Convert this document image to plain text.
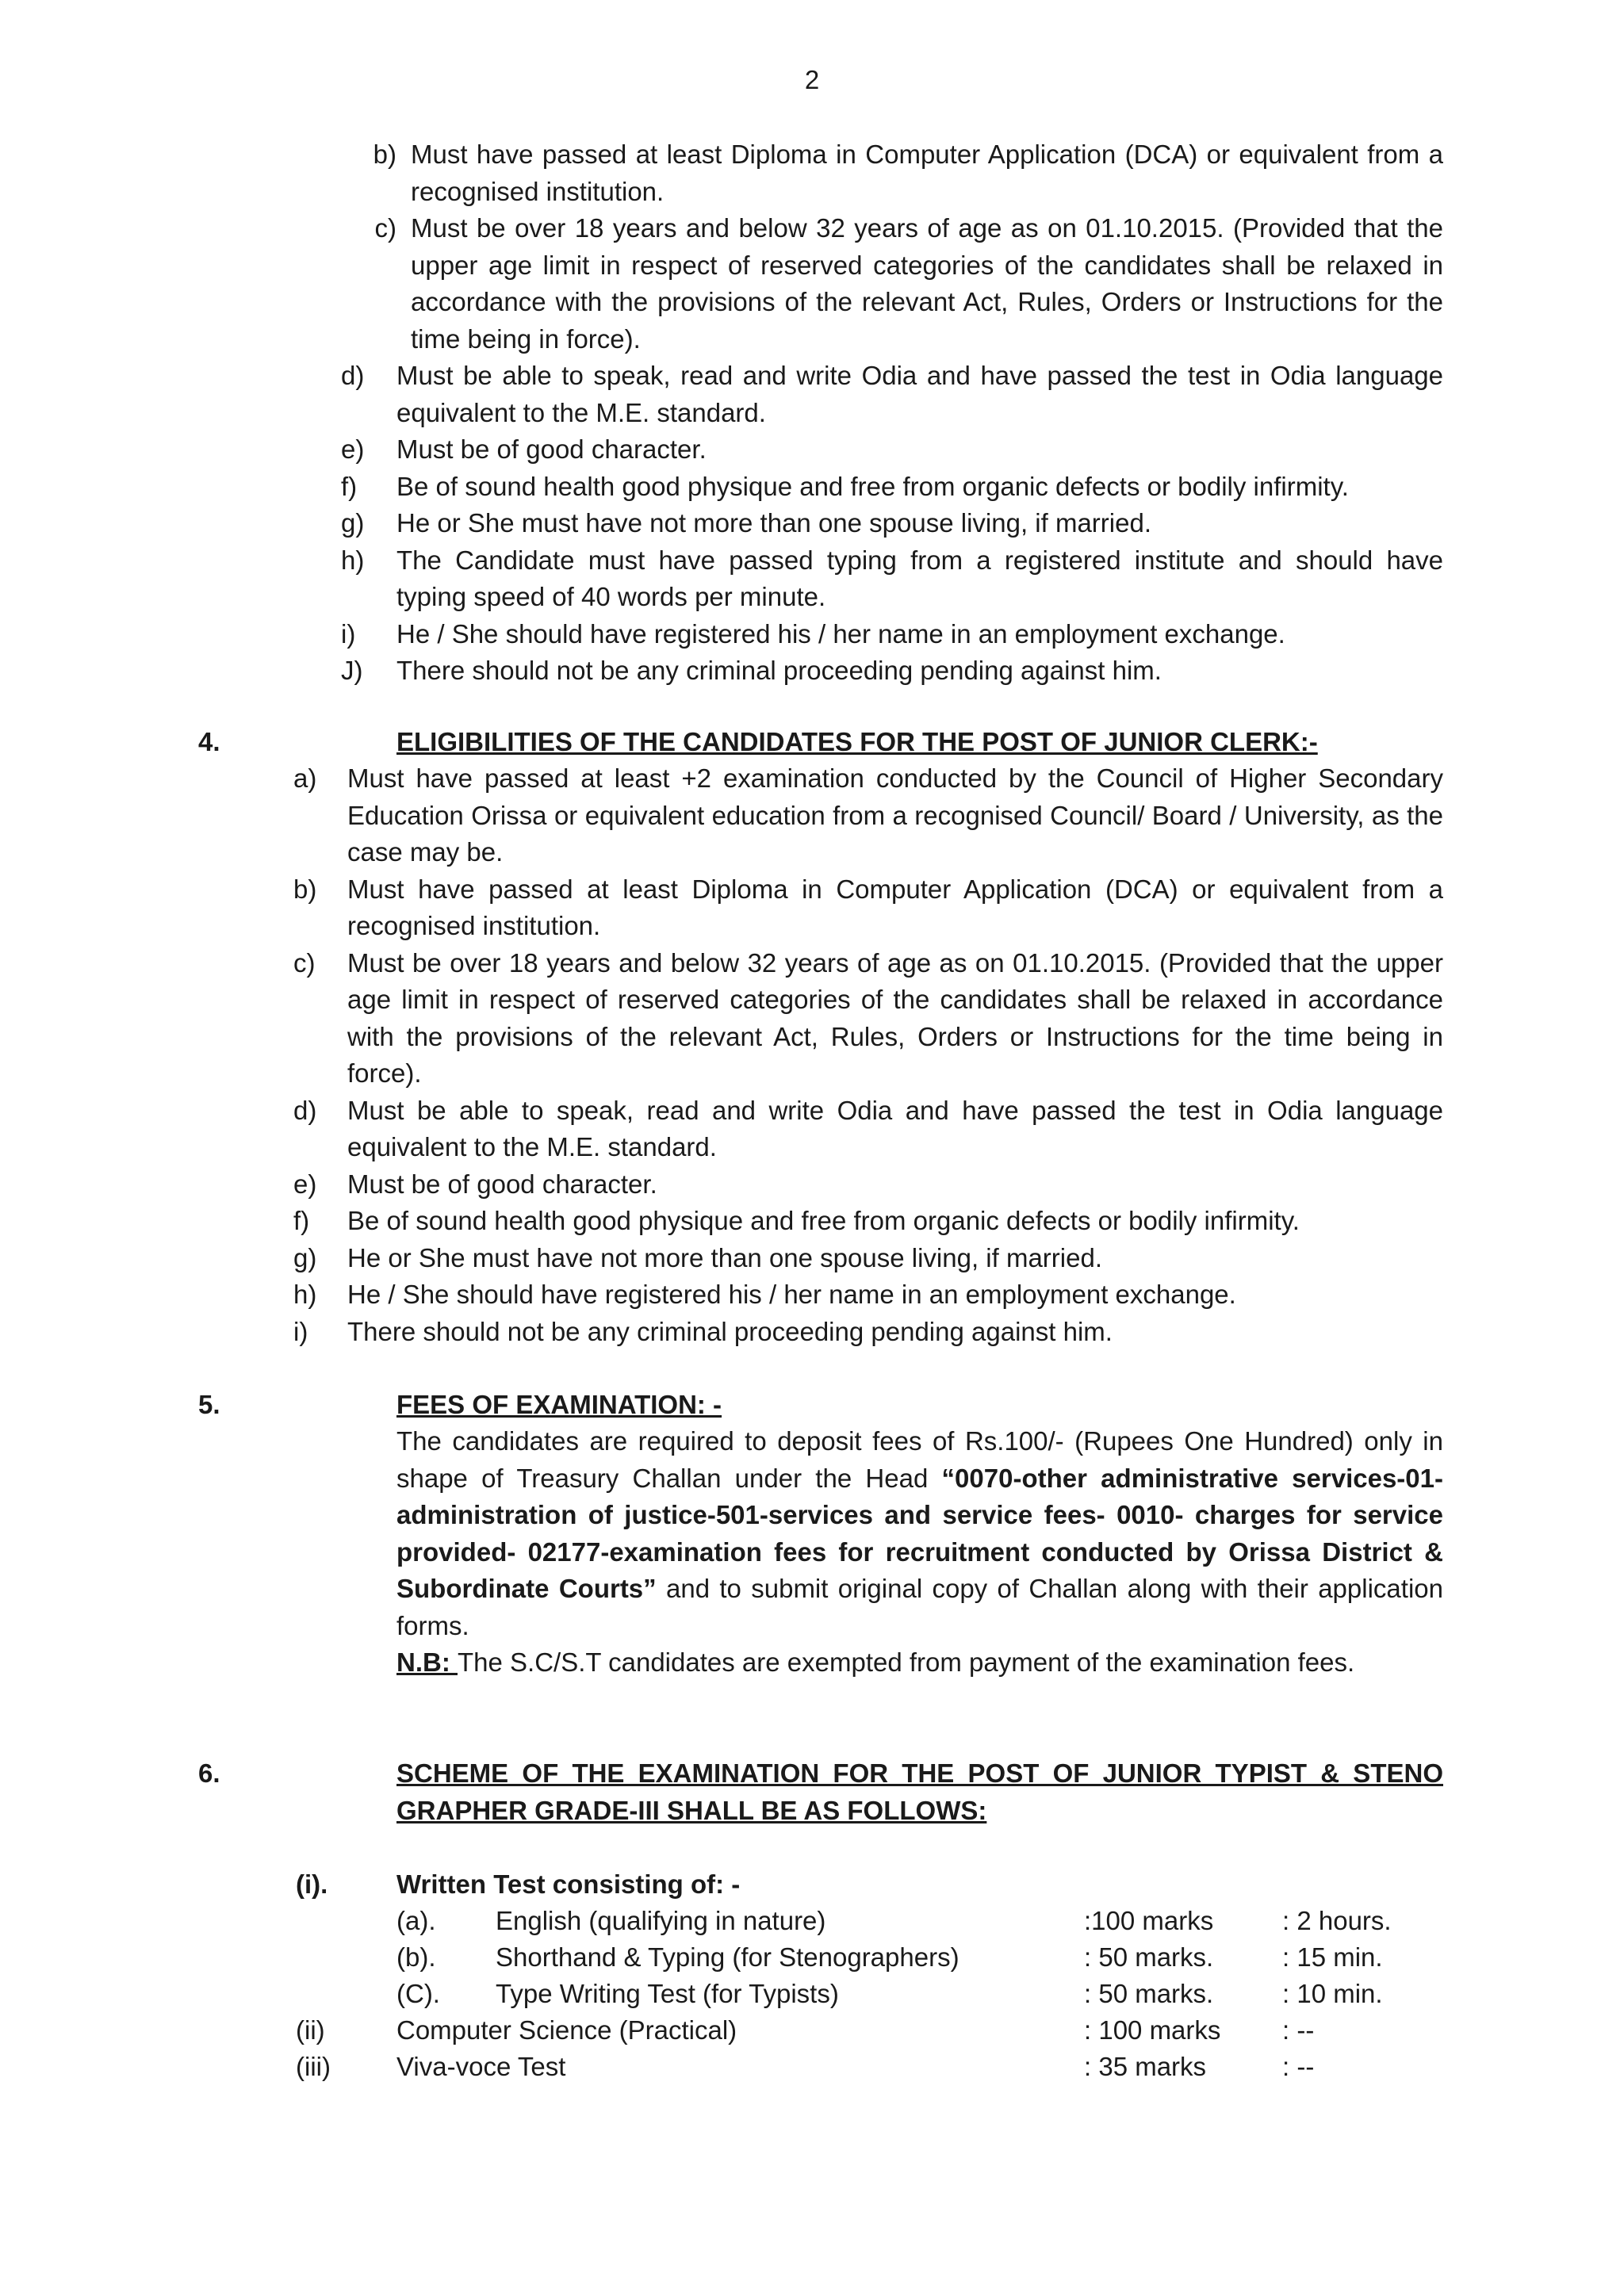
2
b) Must have passed at least Diploma in Computer Application (DCA) or equivalent from a recognised institution.
c) Must be over 18 years and below 32 years of age as on 01.10.2015. (Provided that the upper age limit in respect of reserved categories of the candidates shall be relaxed in accordance with the provisions of the relevant Act, Rules, Orders or Instructions for the time being in force).
d)	Must be able to speak, read and write Odia and have passed the test in Odia language equivalent to the M.E. standard.
e)	Must be of good character.
f)	Be of sound health good physique and free from organic defects or bodily infirmity.
g)	He or She must have not more than one spouse living, if married.
h)	The Candidate must have passed typing from a registered institute and should have typing speed of 40 words per minute.
i)	He / She should have registered his / her name in an employment exchange.
J)	There should not be any criminal proceeding pending against him.
4.	ELIGIBILITIES OF THE CANDIDATES FOR THE POST OF JUNIOR CLERK:-
a)	Must have passed at least +2 examination conducted by the Council of Higher Secondary Education Orissa or equivalent education from a recognised Council/ Board / University, as the case may be.
b)	Must have passed at least Diploma in Computer Application (DCA) or equivalent from a recognised institution.
c)	Must be over 18 years and below 32 years of age as on 01.10.2015. (Provided that the upper age limit in respect of reserved categories of the candidates shall be relaxed in accordance with the provisions of the relevant Act, Rules, Orders or Instructions for the time being in force).
d)	Must be able to speak, read and write Odia and have passed the test in Odia language equivalent to the M.E. standard.
e)	Must be of good character.
f)	Be of sound health good physique and free from organic defects or bodily infirmity.
g)	He or She must have not more than one spouse living, if married.
h)	He / She should have registered his / her name in an employment exchange.
i)	There should not be any criminal proceeding pending against him.
5.	FEES OF EXAMINATION: -
The candidates are required to deposit fees of Rs.100/- (Rupees One Hundred) only in shape of Treasury Challan under the Head “0070-other administrative services-01-administration of justice-501-services and service fees- 0010- charges for service provided- 02177-examination fees for recruitment conducted by Orissa District & Subordinate Courts” and to submit original copy of Challan along with their application forms.
N.B: The S.C/S.T candidates are exempted from payment of the examination fees.
6.	SCHEME OF THE EXAMINATION FOR THE POST OF JUNIOR TYPIST & STENO GRAPHER GRADE-III SHALL BE AS FOLLOWS:
(i).	Written Test consisting of: -
(a). English (qualifying in nature)	:100 marks	: 2 hours.
(b). Shorthand & Typing (for Stenographers)	: 50 marks.	: 15 min.
(C). Type Writing Test (for Typists)	: 50 marks.	: 10 min.
(ii)	Computer Science (Practical)	: 100 marks : --
(iii)	Viva-voce Test	: 35 marks	: --
